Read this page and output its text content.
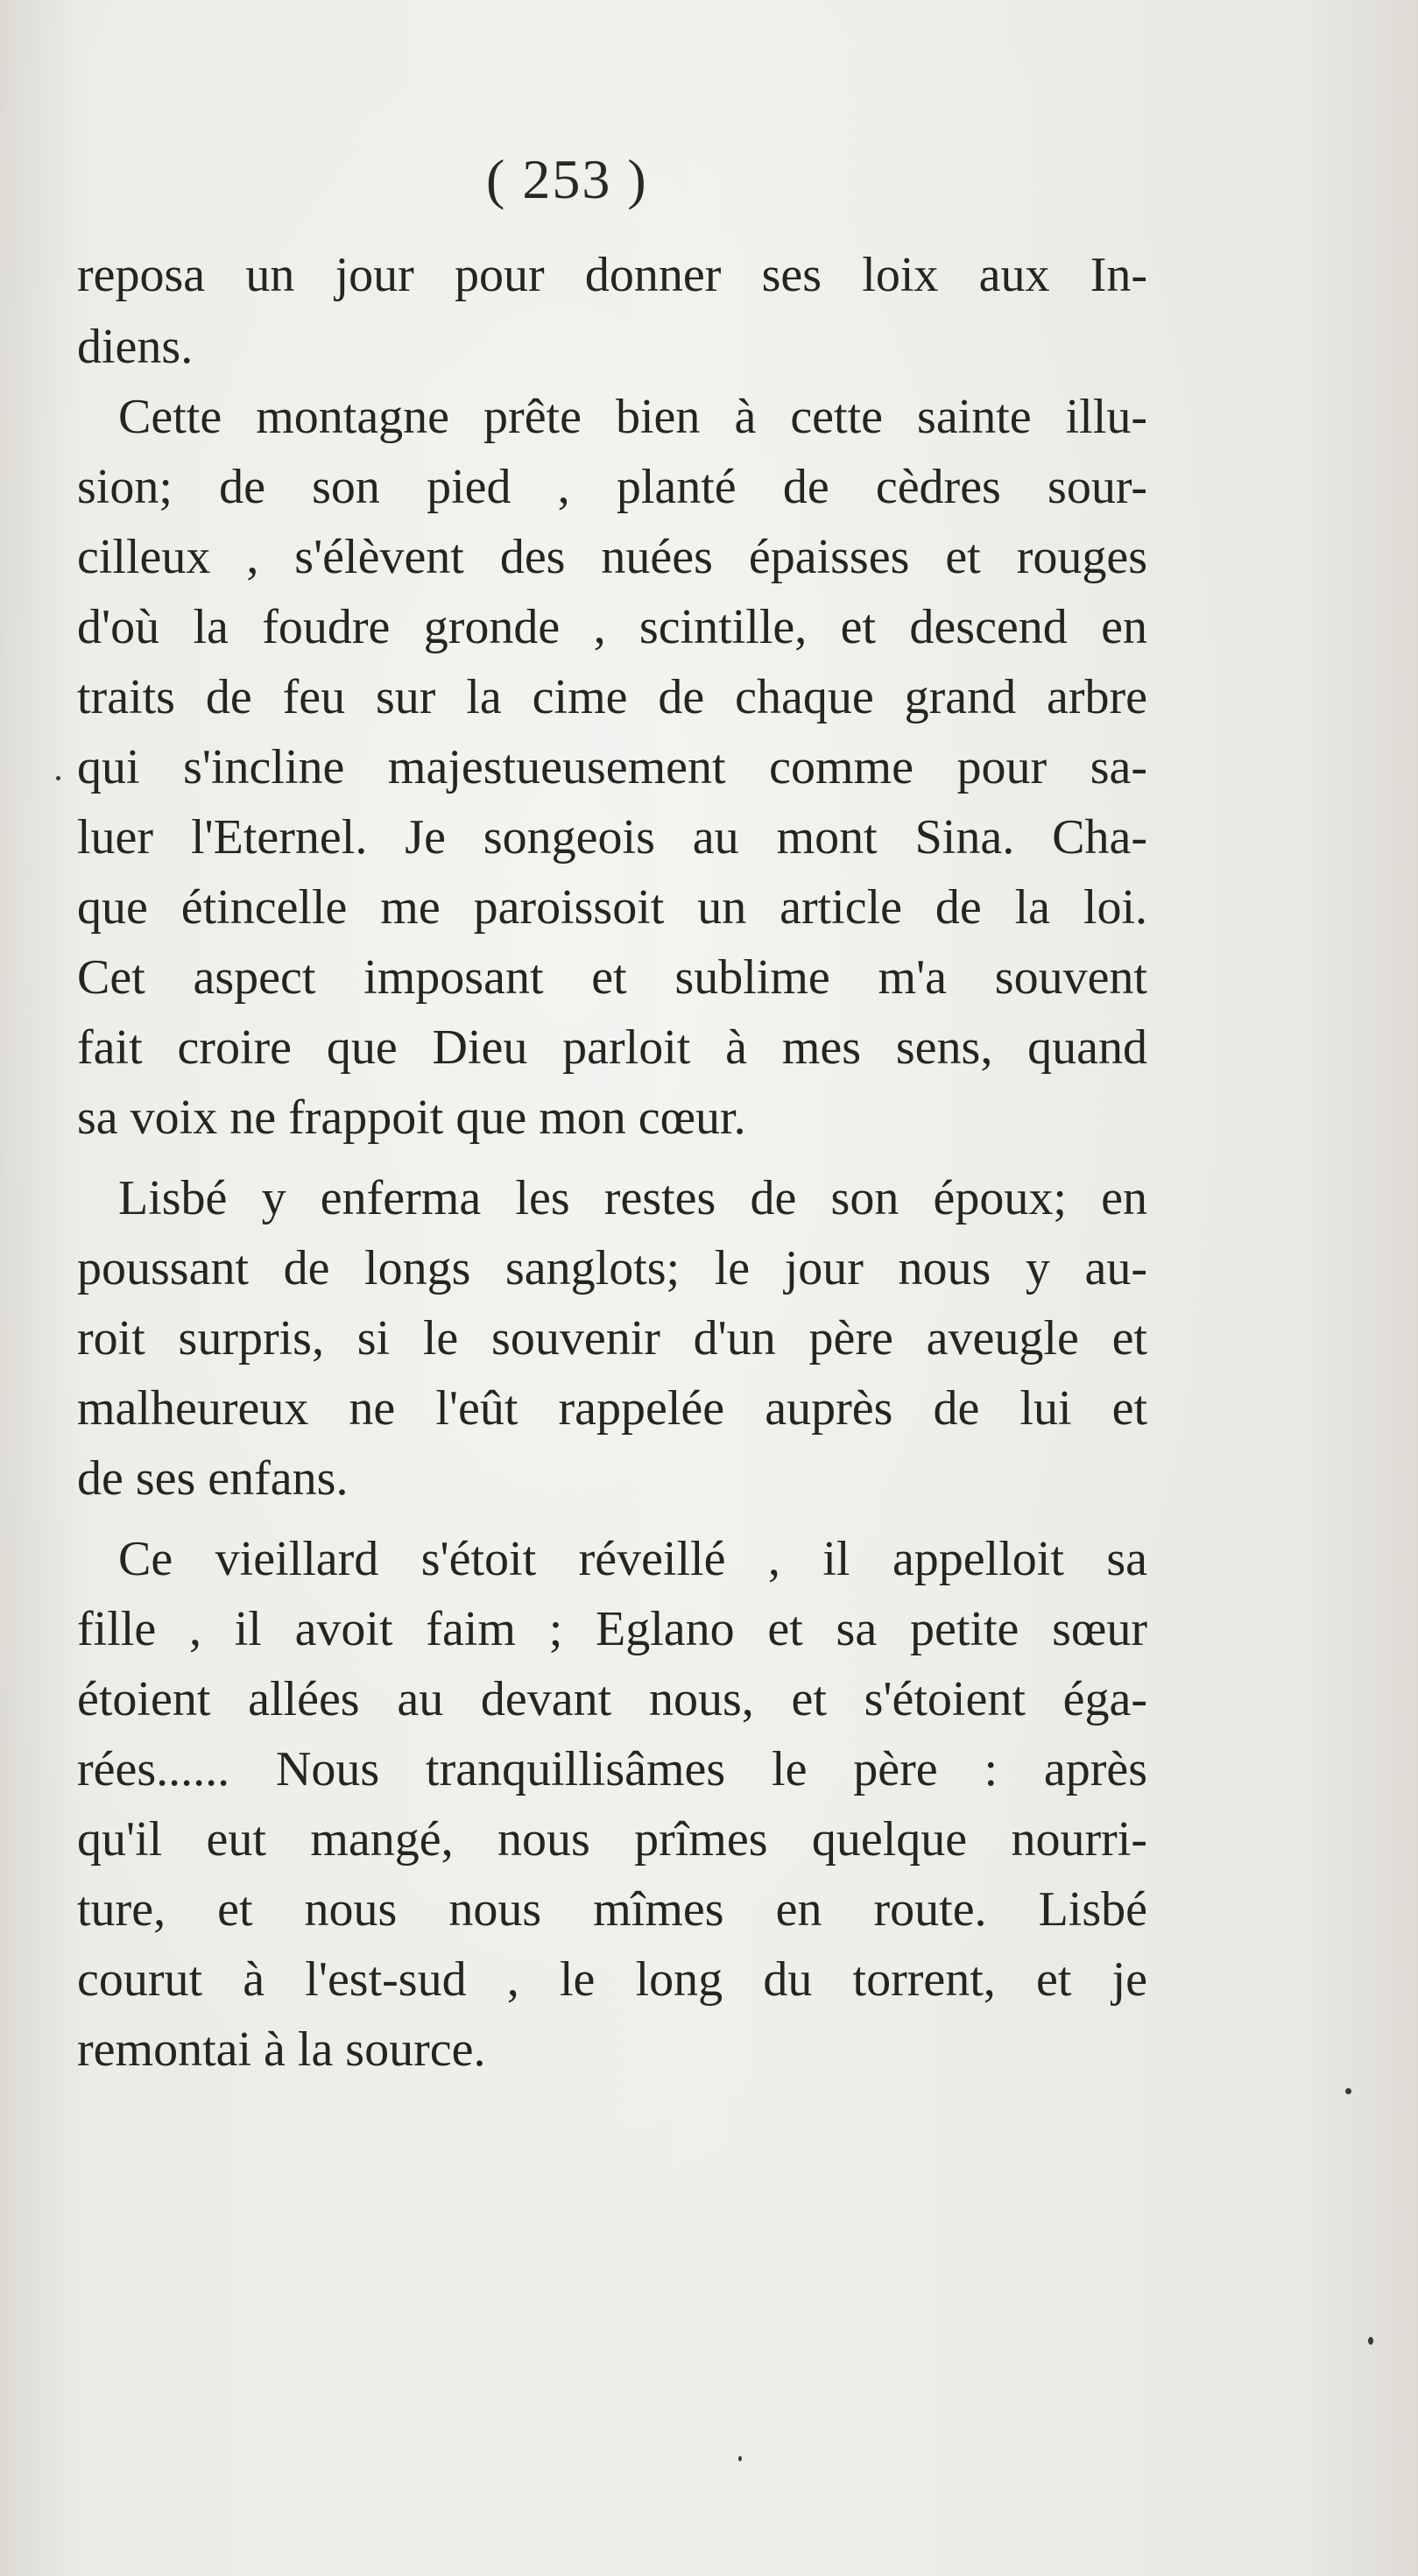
( 253 )
reposa un jour pour donner ses loix aux In-
diens.
Cette montagne prête bien à cette sainte illu-
sion; de son pied , planté de cèdres sour-
cilleux , s'élèvent des nuées épaisses et rouges
d'où la foudre gronde , scintille, et descend en
traits de feu sur la cime de chaque grand arbre
qui s'incline majestueusement comme pour sa-
luer l'Eternel. Je songeois au mont Sina. Cha-
que étincelle me paroissoit un article de la loi.
Cet aspect imposant et sublime m'a souvent
fait croire que Dieu parloit à mes sens, quand
sa voix ne frappoit que mon cœur.
Lisbé y enferma les restes de son époux; en
poussant de longs sanglots; le jour nous y au-
roit surpris, si le souvenir d'un père aveugle et
malheureux ne l'eût rappelée auprès de lui et
de ses enfans.
Ce vieillard s'étoit réveillé , il appelloit sa
fille , il avoit faim ; Eglano et sa petite sœur
étoient allées au devant nous, et s'étoient éga-
rées...... Nous tranquillisâmes le père : après
qu'il eut mangé, nous prîmes quelque nourri-
ture, et nous nous mîmes en route. Lisbé
courut à l'est-sud , le long du torrent, et je
remontai à la source.
